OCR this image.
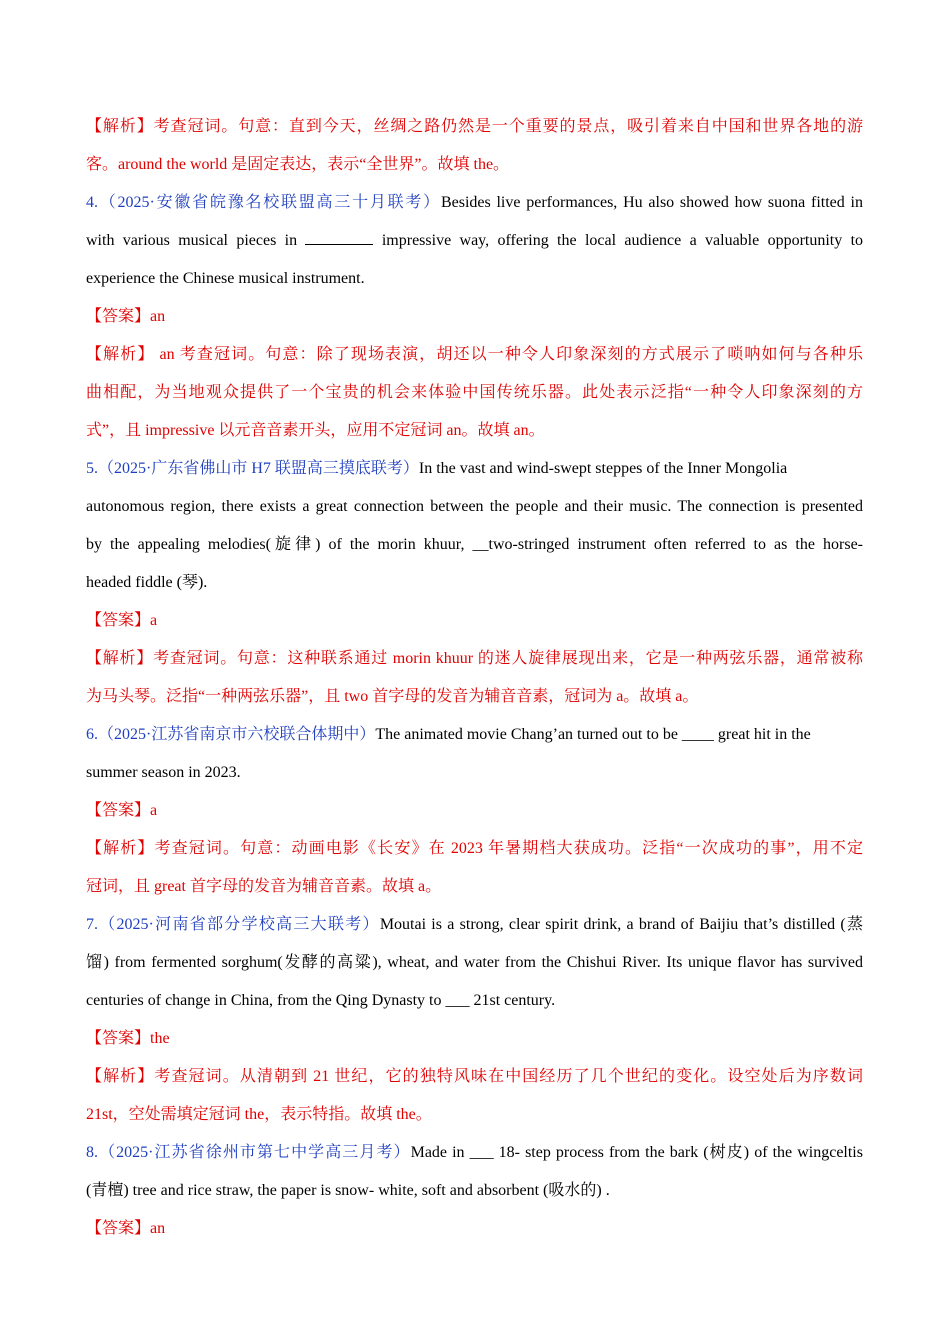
【解析】考查冠词。句意：直到今天，丝绸之路仍然是一个重要的景点，吸引着来自中国和世界各地的游

客。around the world 是固定表达，表示“全世界”。故填 the。

4.（2025·安徽省皖豫名校联盟高三十月联考）Besides live performances, Hu also showed how suona fitted in

with various musical pieces in	impressive way, offering the local audience a valuable opportunity to

experience the Chinese musical instrument.

【答案】an

【解析】 an 考查冠词。句意：除了现场表演，胡还以一种令人印象深刻的方式展示了唢呐如何与各种乐

曲相配，为当地观众提供了一个宝贵的机会来体验中国传统乐器。此处表示泛指“一种令人印象深刻的方

式”，且 impressive 以元音音素开头，应用不定冠词 an。故填 an。

5.（2025·广东省佛山市 H7 联盟高三摸底联考）In the vast and wind-swept steppes of the Inner Mongolia

autonomous region, there exists a great connection between the people and their music. The connection is presented

by the appealing melodies(旋律) of the morin khuur, __two-stringed instrument often referred to as the horse-

headed fiddle (琴).

【答案】a

【解析】考查冠词。句意：这种联系通过 morin khuur 的迷人旋律展现出来，它是一种两弦乐器，通常被称

为马头琴。泛指“一种两弦乐器”，且 two 首字母的发音为辅音音素，冠词为 a。故填 a。

6.（2025·江苏省南京市六校联合体期中）The animated movie Chang’an turned out to be ____ great hit in the

summer season in 2023.

【答案】a

【解析】考查冠词。句意：动画电影《长安》在 2023 年暑期档大获成功。泛指“一次成功的事”，用不定

冠词，且 great 首字母的发音为辅音音素。故填 a。

7.（2025·河南省部分学校高三大联考）Moutai is a strong, clear spirit drink, a brand of Baijiu that’s distilled (蒸

馏) from fermented sorghum(发酵的高粱), wheat, and water from the Chishui River. Its unique flavor has survived

centuries of change in China, from the Qing Dynasty to ___ 21st century.

【答案】the

【解析】考查冠词。从清朝到 21 世纪，它的独特风味在中国经历了几个世纪的变化。设空处后为序数词

21st，空处需填定冠词 the，表示特指。故填 the。

8.（2025·江苏省徐州市第七中学高三月考）Made in ___ 18- step process from the bark (树皮) of the wingceltis

(青檀) tree and rice straw, the paper is snow- white, soft and absorbent (吸水的) .

【答案】an
